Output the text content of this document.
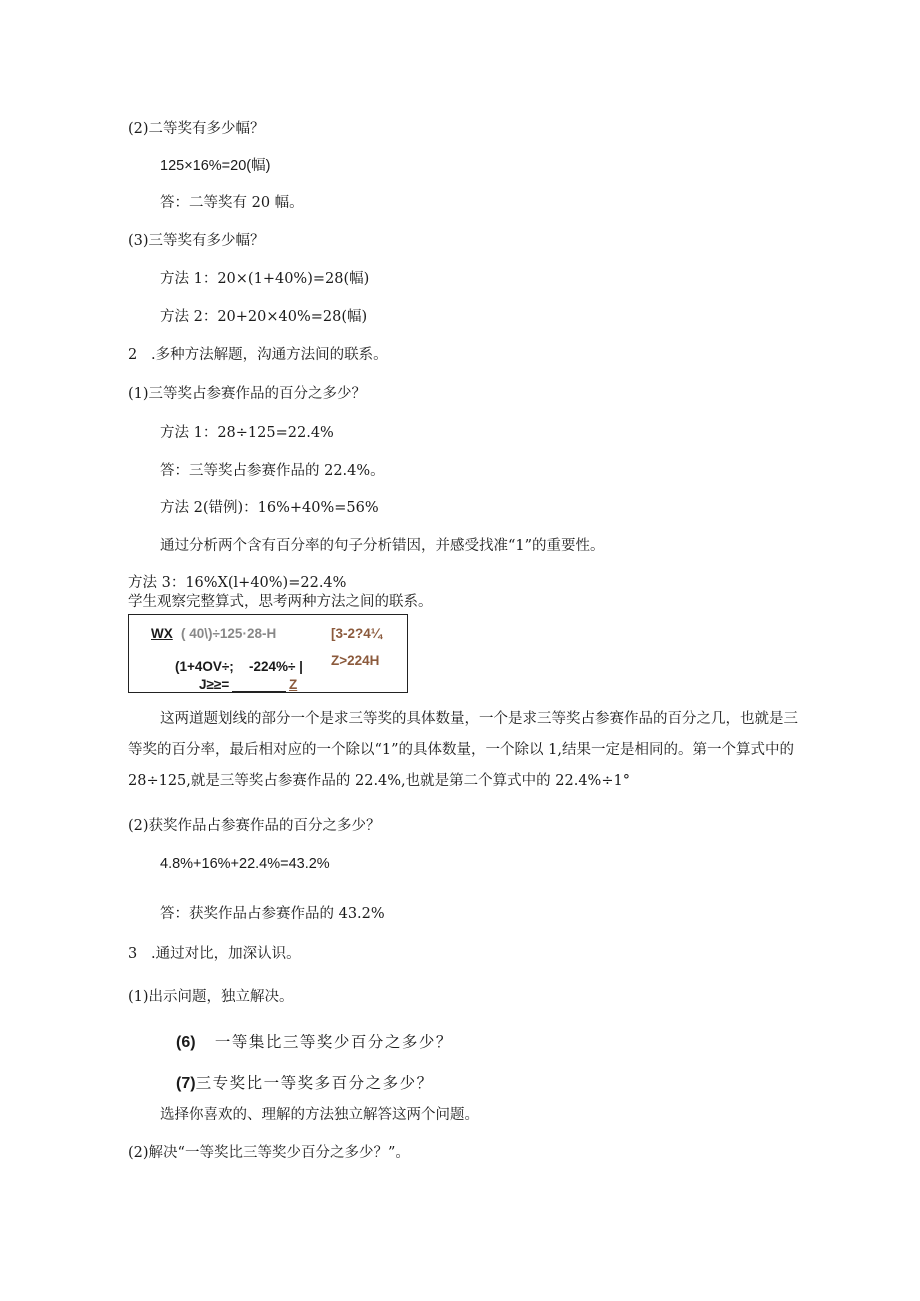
(2)二等奖有多少幅？
125×16%=20(幅)
答：二等奖有 20 幅。
(3)三等奖有多少幅？
方法 1：20×(1+40%)=28(幅)
方法 2：20+20×40%=28(幅)
2   .多种方法解题，沟通方法间的联系。
(1)三等奖占参赛作品的百分之多少？
方法 1：28÷125=22.4%
答：三等奖占参赛作品的 22.4%。
方法 2(错例)：16%+40%=56%
通过分析两个含有百分率的句子分析错因，并感受找准“1”的重要性。
方法 3：16%X(l+40%)=22.4%
学生观察完整算式，思考两种方法之间的联系。
WX ( 40\)÷125·28-H	[3-2?4¼
(1+4OV÷; -224%÷ | Z>224H
J≥≥=	Z
这两道题划线的部分一个是求三等奖的具体数量，一个是求三等奖占参赛作品的百分之几，也就是三等奖的百分率，最后相对应的一个除以“1”的具体数量，一个除以 1,结果一定是相同的。第一个算式中的 28÷125,就是三等奖占参赛作品的 22.4%,也就是第二个算式中的 22.4%÷1°
(2)获奖作品占参赛作品的百分之多少？
4.8%+16%+22.4%=43.2%
答：获奖作品占参赛作品的 43.2%
3   .通过对比，加深认识。
(1)出示问题，独立解决。
(6) 一等集比三等奖少百分之多少？
(7)三专奖比一等奖多百分之多少？
选择你喜欢的、理解的方法独立解答这两个问题。
(2)解决“一等奖比三等奖少百分之多少？”。
